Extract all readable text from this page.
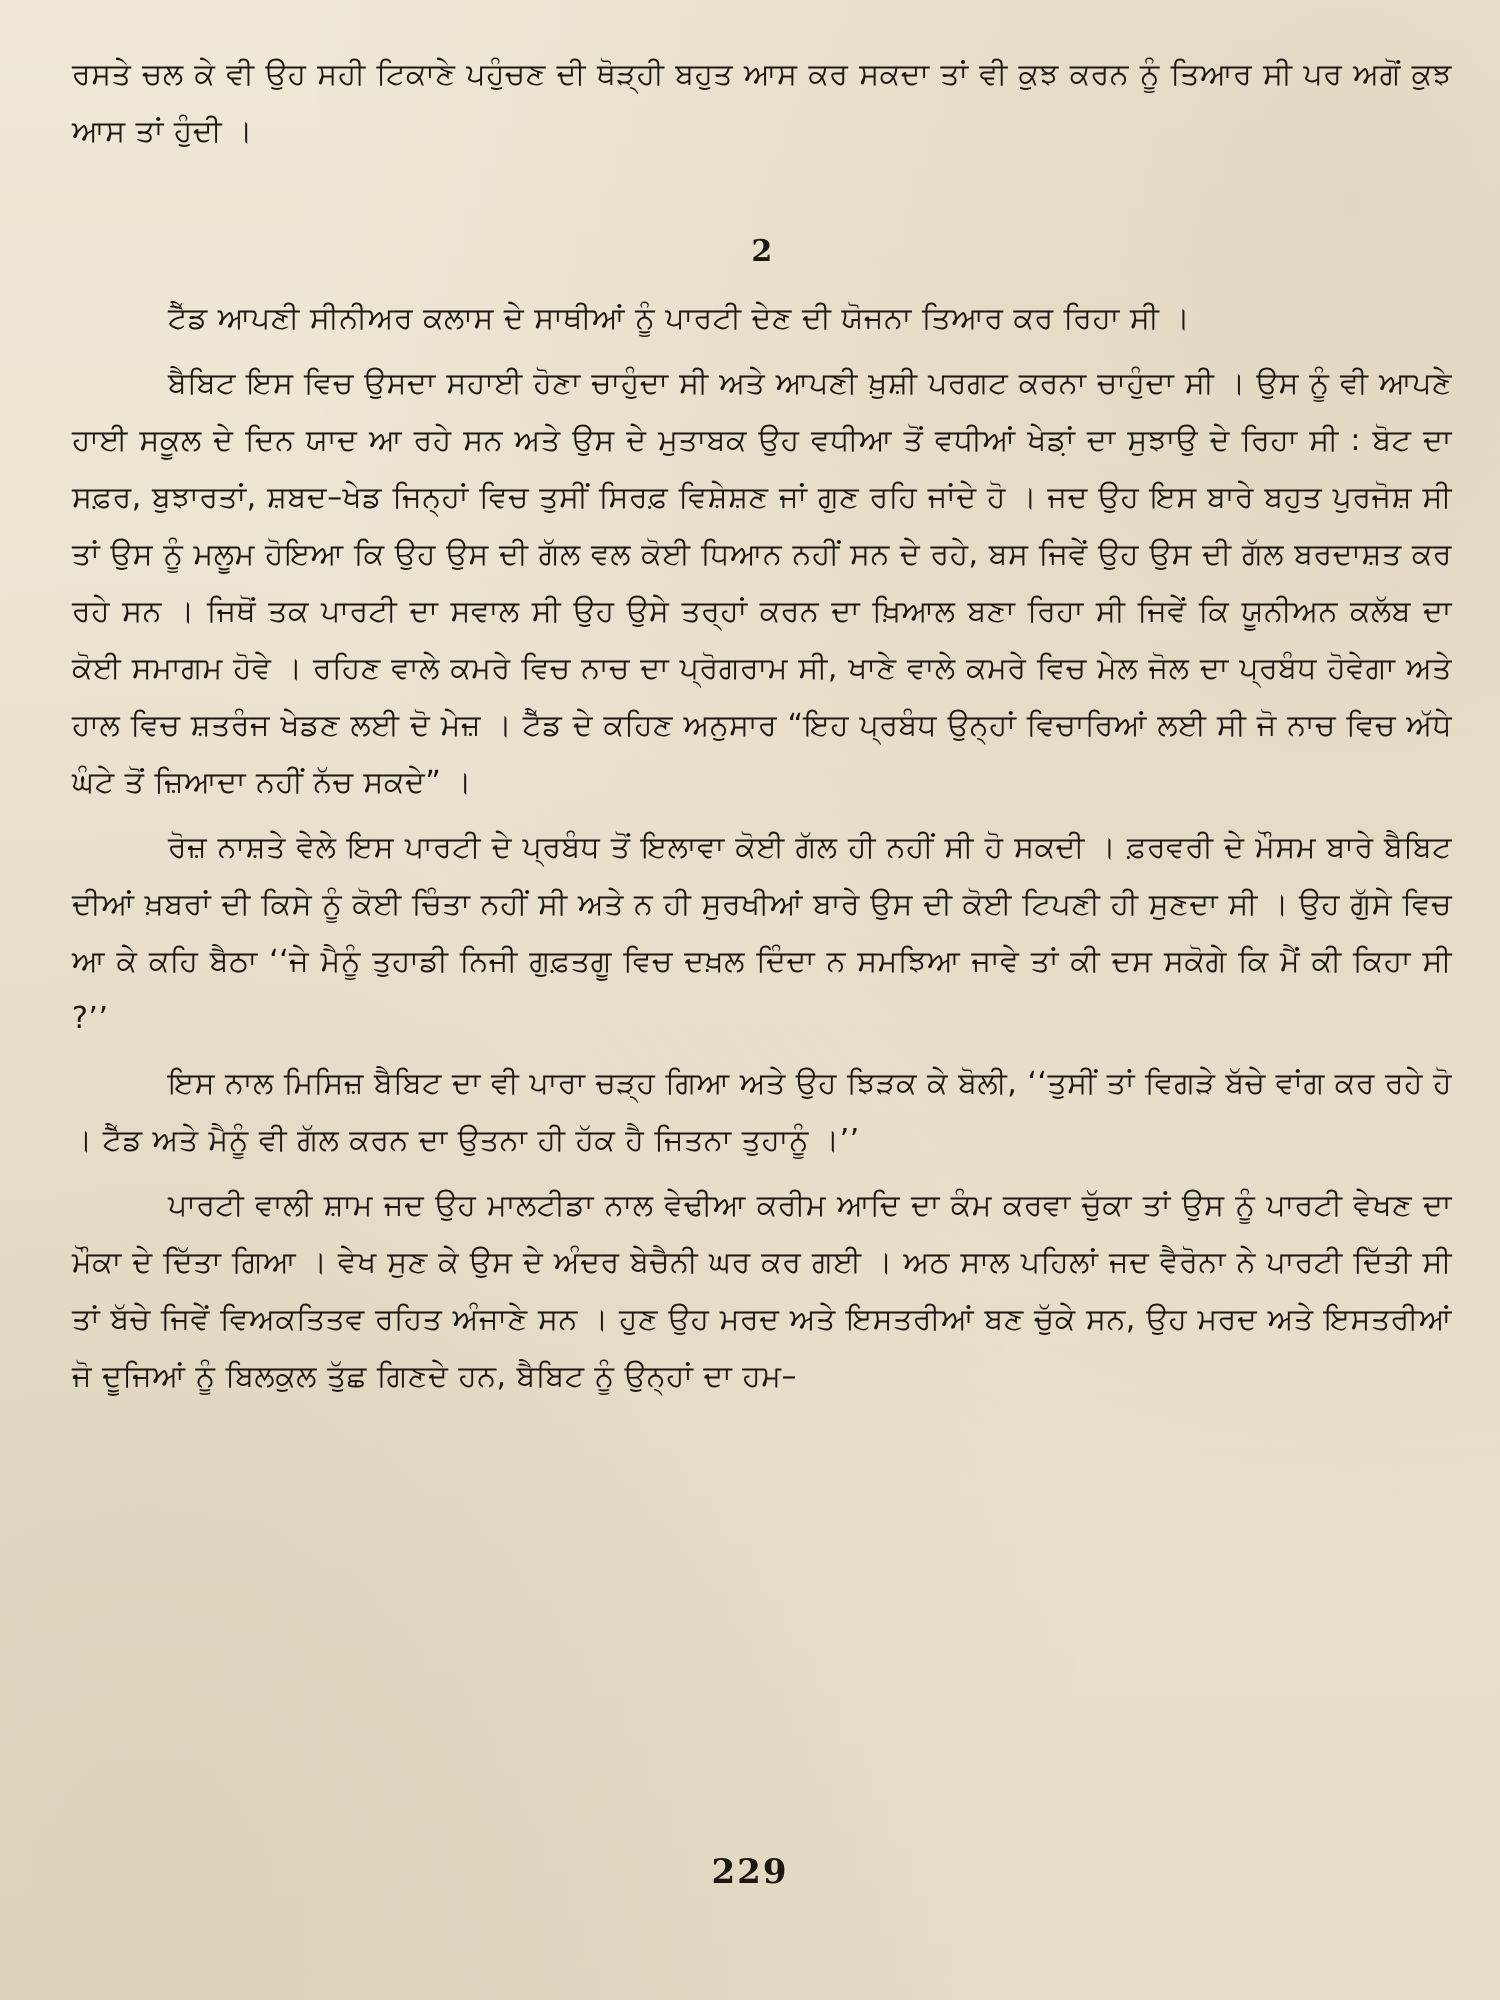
ਰਸਤੇ ਚਲ ਕੇ ਵੀ ਉਹ ਸਹੀ ਟਿਕਾਣੇ ਪਹੁੰਚਣ ਦੀ ਥੋੜ੍ਹੀ ਬਹੁਤ ਆਸ ਕਰ ਸਕਦਾ ਤਾਂ ਵੀ ਕੁਝ ਕਰਨ ਨੂੰ ਤਿਆਰ ਸੀ ਪਰ ਅਗੋਂ ਕੁਝ ਆਸ ਤਾਂ ਹੁੰਦੀ ।

2

ਟੈੱਡ ਆਪਣੀ ਸੀਨੀਅਰ ਕਲਾਸ ਦੇ ਸਾਥੀਆਂ ਨੂੰ ਪਾਰਟੀ ਦੇਣ ਦੀ ਯੋਜਨਾ ਤਿਆਰ ਕਰ ਰਿਹਾ ਸੀ ।

ਬੈਬਿਟ ਇਸ ਵਿਚ ਉਸਦਾ ਸਹਾਈ ਹੋਣਾ ਚਾਹੁੰਦਾ ਸੀ ਅਤੇ ਆਪਣੀ ਖ਼ੁਸ਼ੀ ਪਰਗਟ ਕਰਨਾ ਚਾਹੁੰਦਾ ਸੀ । ਉਸ ਨੂੰ ਵੀ ਆਪਣੇ ਹਾਈ ਸਕੂਲ ਦੇ ਦਿਨ ਯਾਦ ਆ ਰਹੇ ਸਨ ਅਤੇ ਉਸ ਦੇ ਮੁਤਾਬਕ ਉਹ ਵਧੀਆ ਤੋਂ ਵਧੀਆਂ ਖੇਡ਼ਾਂ ਦਾ ਸੁਝਾਉ ਦੇ ਰਿਹਾ ਸੀ : ਬੋਟ ਦਾ ਸਫ਼ਰ, ਬੁਝਾਰਤਾਂ, ਸ਼ਬਦ–ਖੇਡ ਜਿਨ੍ਹਾਂ ਵਿਚ ਤੁਸੀਂ ਸਿਰਫ਼ ਵਿਸ਼ੇਸ਼ਣ ਜਾਂ ਗੁਣ ਰਹਿ ਜਾਂਦੇ ਹੋ । ਜਦ ਉਹ ਇਸ ਬਾਰੇ ਬਹੁਤ ਪੁਰਜੋਸ਼ ਸੀ ਤਾਂ ਉਸ ਨੂੰ ਮਲੂਮ ਹੋਇਆ ਕਿ ਉਹ ਉਸ ਦੀ ਗੱਲ ਵਲ ਕੋਈ ਧਿਆਨ ਨਹੀਂ ਸਨ ਦੇ ਰਹੇ, ਬਸ ਜਿਵੇਂ ਉਹ ਉਸ ਦੀ ਗੱਲ ਬਰਦਾਸ਼ਤ ਕਰ ਰਹੇ ਸਨ । ਜਿਥੋਂ ਤਕ ਪਾਰਟੀ ਦਾ ਸਵਾਲ ਸੀ ਉਹ ਉਸੇ ਤਰ੍ਹਾਂ ਕਰਨ ਦਾ ਖ਼ਿਆਲ ਬਣਾ ਰਿਹਾ ਸੀ ਜਿਵੇਂ ਕਿ ਯੂਨੀਅਨ ਕਲੱਬ ਦਾ ਕੋਈ ਸਮਾਗਮ ਹੋਵੇ । ਰਹਿਣ ਵਾਲੇ ਕਮਰੇ ਵਿਚ ਨਾਚ ਦਾ ਪ੍ਰੋਗਰਾਮ ਸੀ, ਖਾਣੇ ਵਾਲੇ ਕਮਰੇ ਵਿਚ ਮੇਲ ਜੋਲ ਦਾ ਪ੍ਰਬੰਧ ਹੋਵੇਗਾ ਅਤੇ ਹਾਲ ਵਿਚ ਸ਼ਤਰੰਜ ਖੇਡਣ ਲਈ ਦੋ ਮੇਜ਼ । ਟੈੱਡ ਦੇ ਕਹਿਣ ਅਨੁਸਾਰ “ਇਹ ਪ੍ਰਬੰਧ ਉਨ੍ਹਾਂ ਵਿਚਾਰਿਆਂ ਲਈ ਸੀ ਜੋ ਨਾਚ ਵਿਚ ਅੱਧੇ ਘੰਟੇ ਤੋਂ ਜ਼ਿਆਦਾ ਨਹੀਂ ਨੱਚ ਸਕਦੇ” ।

ਰੋਜ਼ ਨਾਸ਼ਤੇ ਵੇਲੇ ਇਸ ਪਾਰਟੀ ਦੇ ਪ੍ਰਬੰਧ ਤੋਂ ਇਲਾਵਾ ਕੋਈ ਗੱਲ ਹੀ ਨਹੀਂ ਸੀ ਹੋ ਸਕਦੀ । ਫ਼ਰਵਰੀ ਦੇ ਮੌਸਮ ਬਾਰੇ ਬੈਬਿਟ ਦੀਆਂ ਖ਼ਬਰਾਂ ਦੀ ਕਿਸੇ ਨੂੰ ਕੋਈ ਚਿੰਤਾ ਨਹੀਂ ਸੀ ਅਤੇ ਨ ਹੀ ਸੁਰਖੀਆਂ ਬਾਰੇ ਉਸ ਦੀ ਕੋਈ ਟਿਪਣੀ ਹੀ ਸੁਣਦਾ ਸੀ । ਉਹ ਗੁੱਸੇ ਵਿਚ ਆ ਕੇ ਕਹਿ ਬੈਠਾ ‘‘ਜੇ ਮੈਨੂੰ ਤੁਹਾਡੀ ਨਿਜੀ ਗੁਫ਼ਤਗੂ ਵਿਚ ਦਖ਼ਲ ਦਿੰਦਾ ਨ ਸਮਝਿਆ ਜਾਵੇ ਤਾਂ ਕੀ ਦਸ ਸਕੋਗੇ ਕਿ ਮੈਂ ਕੀ ਕਿਹਾ ਸੀ ?’’

ਇਸ ਨਾਲ ਮਿਸਿਜ਼ ਬੈਬਿਟ ਦਾ ਵੀ ਪਾਰਾ ਚੜ੍ਹ ਗਿਆ ਅਤੇ ਉਹ ਝਿੜਕ ਕੇ ਬੋਲੀ, ‘‘ਤੁਸੀਂ ਤਾਂ ਵਿਗੜੇ ਬੱਚੇ ਵਾਂਗ ਕਰ ਰਹੇ ਹੋ । ਟੈੱਡ ਅਤੇ ਮੈਨੂੰ ਵੀ ਗੱਲ ਕਰਨ ਦਾ ਉਤਨਾ ਹੀ ਹੱਕ ਹੈ ਜਿਤਨਾ ਤੁਹਾਨੂੰ ।’’

ਪਾਰਟੀ ਵਾਲੀ ਸ਼ਾਮ ਜਦ ਉਹ ਮਾਲਟੀਡਾ ਨਾਲ ਵੇਢੀਆ ਕਰੀਮ ਆਦਿ ਦਾ ਕੰਮ ਕਰਵਾ ਚੁੱਕਾ ਤਾਂ ਉਸ ਨੂੰ ਪਾਰਟੀ ਵੇਖਣ ਦਾ ਮੌਕਾ ਦੇ ਦਿੱਤਾ ਗਿਆ । ਵੇਖ ਸੁਣ ਕੇ ਉਸ ਦੇ ਅੰਦਰ ਬੇਚੈਨੀ ਘਰ ਕਰ ਗਈ । ਅਠ ਸਾਲ ਪਹਿਲਾਂ ਜਦ ਵੈਰੋਨਾ ਨੇ ਪਾਰਟੀ ਦਿੱਤੀ ਸੀ ਤਾਂ ਬੱਚੇ ਜਿਵੇਂ ਵਿਅਕਤਿਤਵ ਰਹਿਤ ਅੰਜਾਣੇ ਸਨ । ਹੁਣ ਉਹ ਮਰਦ ਅਤੇ ਇਸਤਰੀਆਂ ਬਣ ਚੁੱਕੇ ਸਨ, ਉਹ ਮਰਦ ਅਤੇ ਇਸਤਰੀਆਂ ਜੋ ਦੂਜਿਆਂ ਨੂੰ ਬਿਲਕੁਲ ਤੁੱਛ ਗਿਣਦੇ ਹਨ, ਬੈਬਿਟ ਨੂੰ ਉਨ੍ਹਾਂ ਦਾ ਹਮ–

229
